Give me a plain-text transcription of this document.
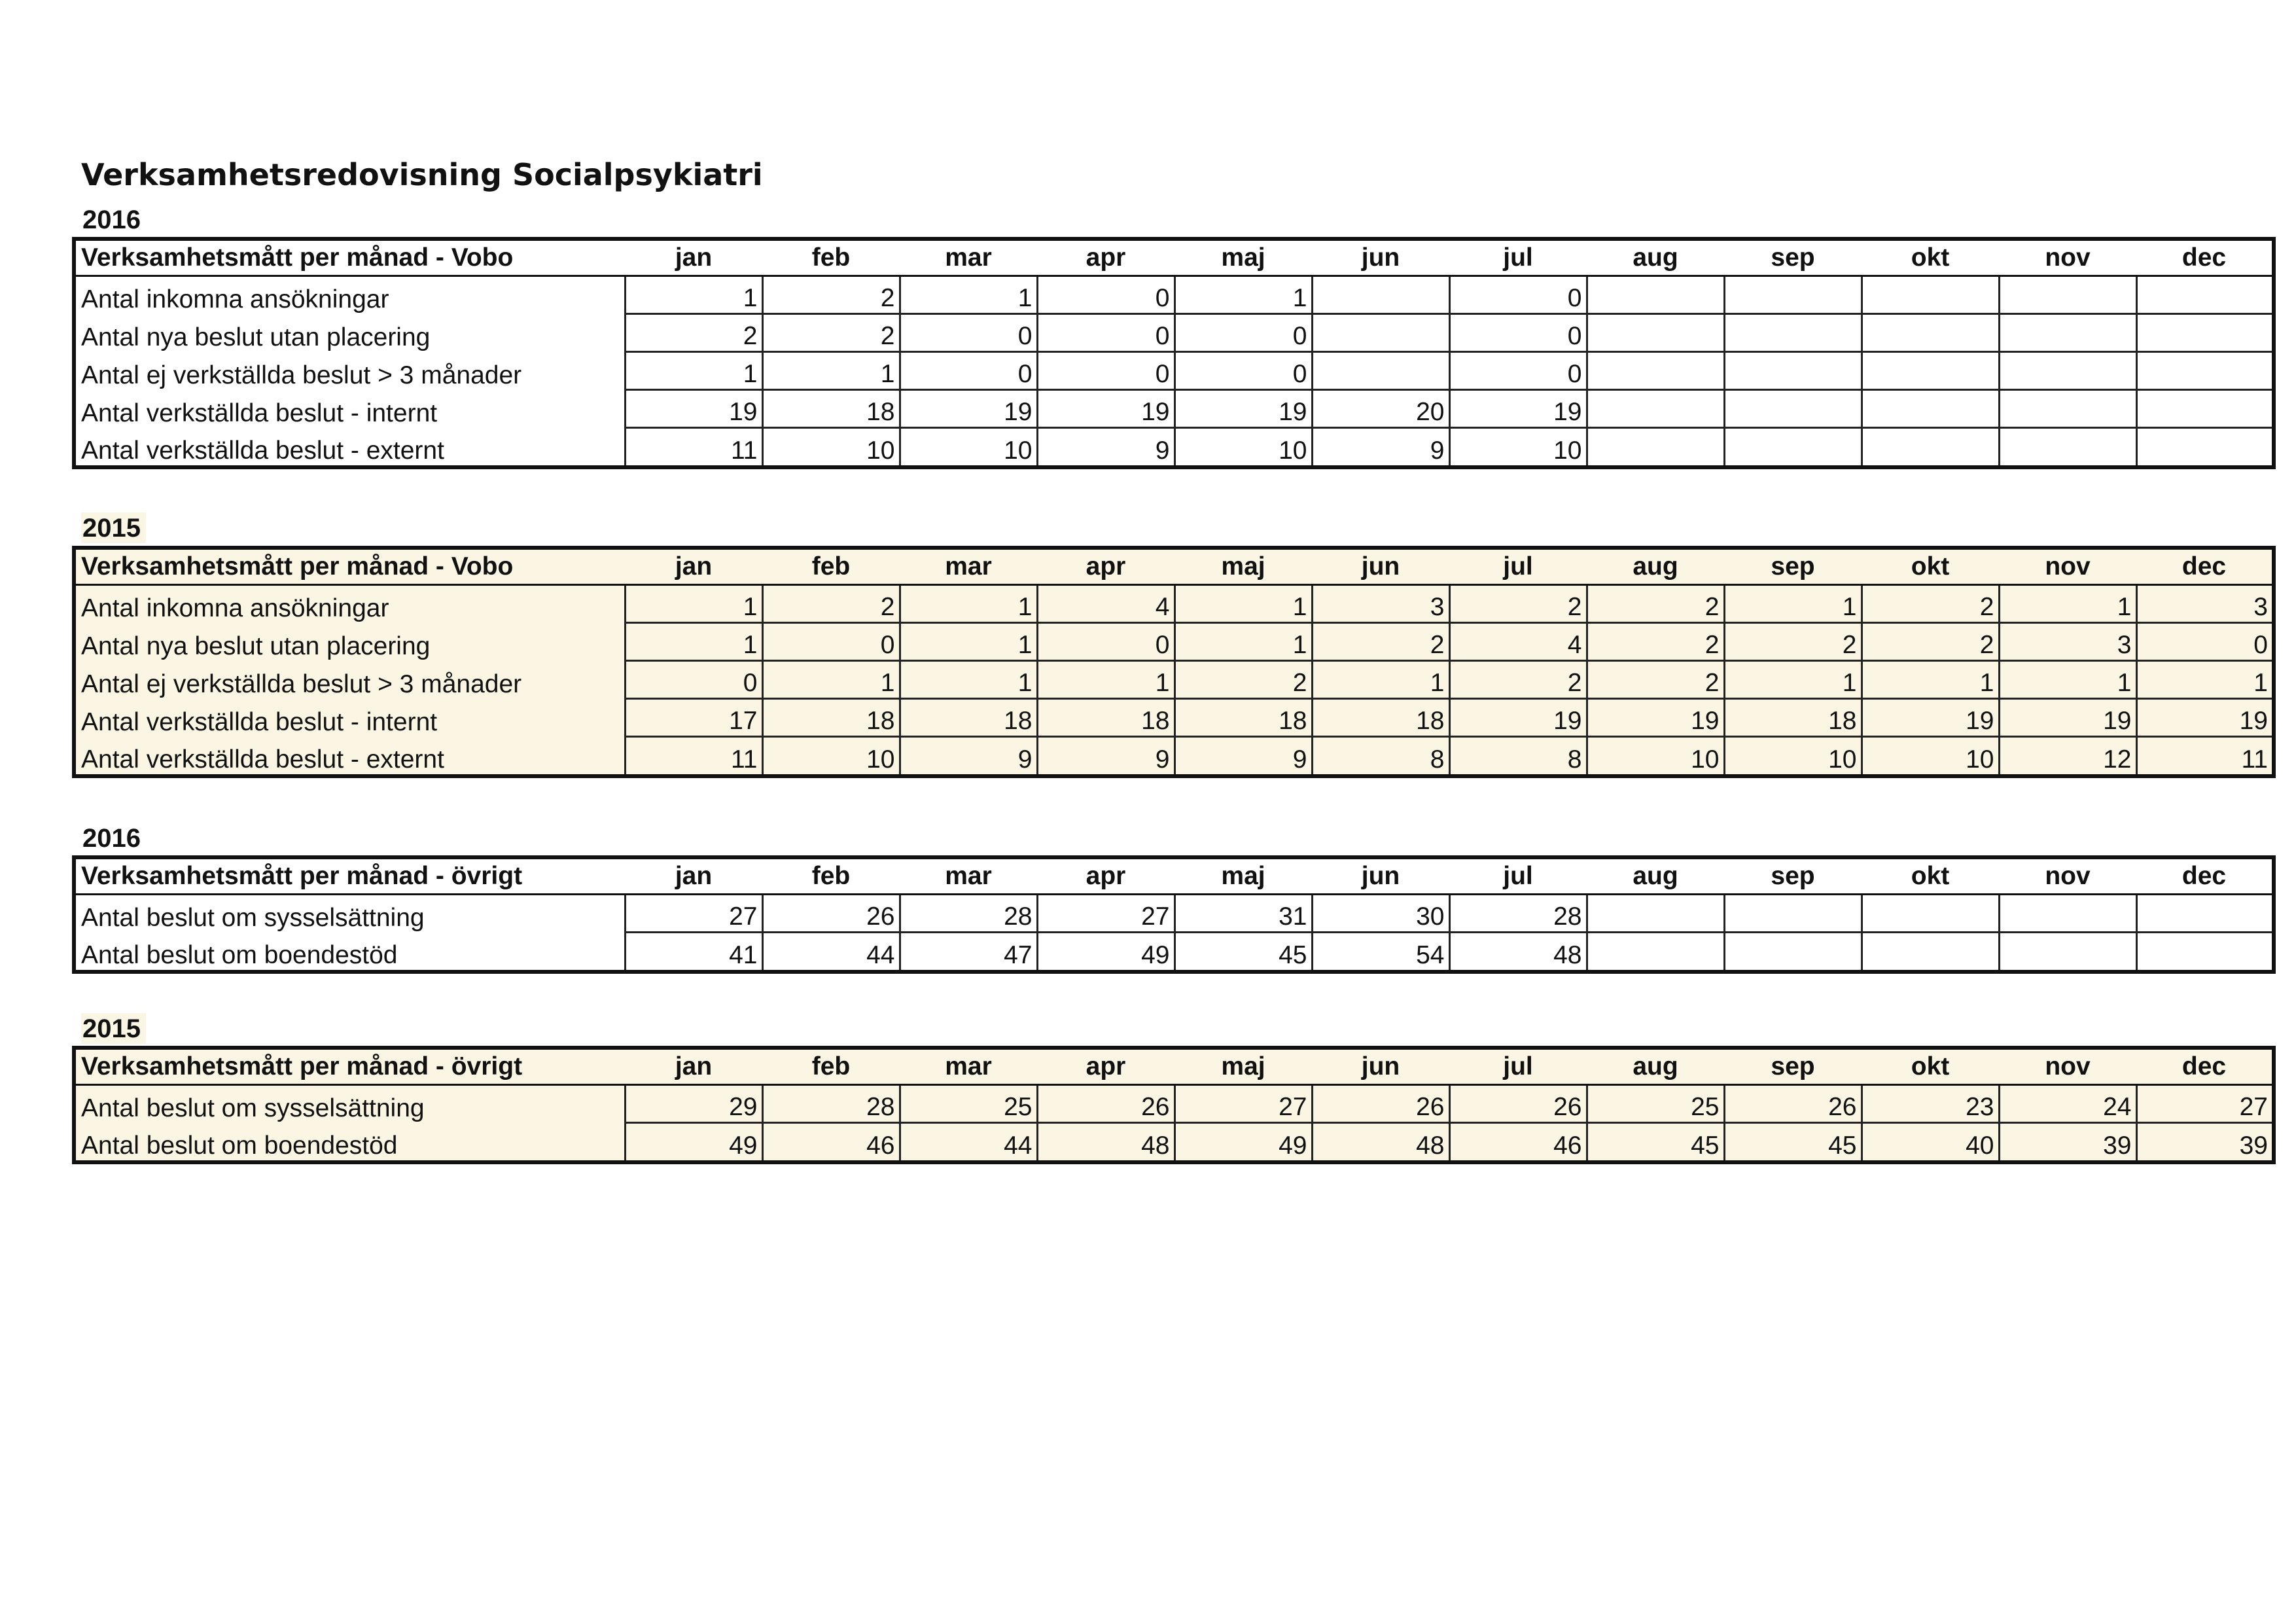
Verksamhetsredovisning Socialpsykiatri
2016
Verksamhetsmått per månad - Vobo	jan	feb	mar	apr	maj	jun	jul	aug	sep	okt	nov	dec
Antal inkomna ansökningar	1	2	1	0	1		0					
Antal nya beslut utan placering	2	2	0	0	0		0					
Antal ej verkställda beslut > 3 månader	1	1	0	0	0		0					
Antal verkställda beslut - internt	19	18	19	19	19	20	19					
Antal verkställda beslut - externt	11	10	10	9	10	9	10					
2015
Verksamhetsmått per månad - Vobo	jan	feb	mar	apr	maj	jun	jul	aug	sep	okt	nov	dec
Antal inkomna ansökningar	1	2	1	4	1	3	2	2	1	2	1	3
Antal nya beslut utan placering	1	0	1	0	1	2	4	2	2	2	3	0
Antal ej verkställda beslut > 3 månader	0	1	1	1	2	1	2	2	1	1	1	1
Antal verkställda beslut - internt	17	18	18	18	18	18	19	19	18	19	19	19
Antal verkställda beslut - externt	11	10	9	9	9	8	8	10	10	10	12	11
2016
Verksamhetsmått per månad - övrigt	jan	feb	mar	apr	maj	jun	jul	aug	sep	okt	nov	dec
Antal beslut om sysselsättning	27	26	28	27	31	30	28					
Antal beslut om boendestöd	41	44	47	49	45	54	48					
2015
Verksamhetsmått per månad - övrigt	jan	feb	mar	apr	maj	jun	jul	aug	sep	okt	nov	dec
Antal beslut om sysselsättning	29	28	25	26	27	26	26	25	26	23	24	27
Antal beslut om boendestöd	49	46	44	48	49	48	46	45	45	40	39	39
